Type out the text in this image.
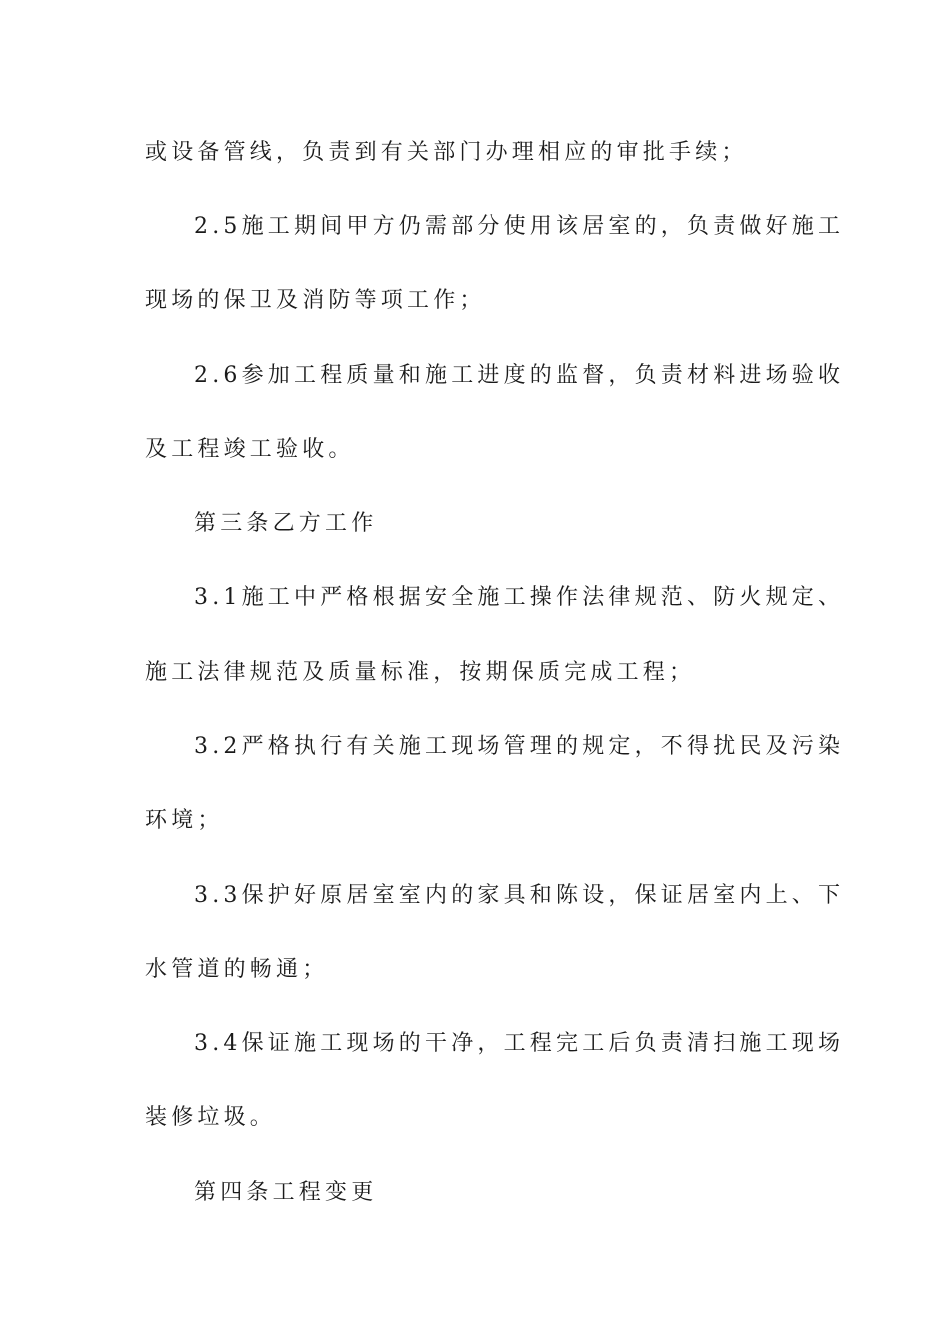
或设备管线，负责到有关部门办理相应的审批手续；
2.5施工期间甲方仍需部分使用该居室的，负责做好施工
现场的保卫及消防等项工作；
2.6参加工程质量和施工进度的监督，负责材料进场验收
及工程竣工验收。
第三条乙方工作
3.1施工中严格根据安全施工操作法律规范、防火规定、
施工法律规范及质量标准，按期保质完成工程；
3.2严格执行有关施工现场管理的规定，不得扰民及污染
环境；
3.3保护好原居室室内的家具和陈设，保证居室内上、下
水管道的畅通；
3.4保证施工现场的干净，工程完工后负责清扫施工现场
装修垃圾。
第四条工程变更
